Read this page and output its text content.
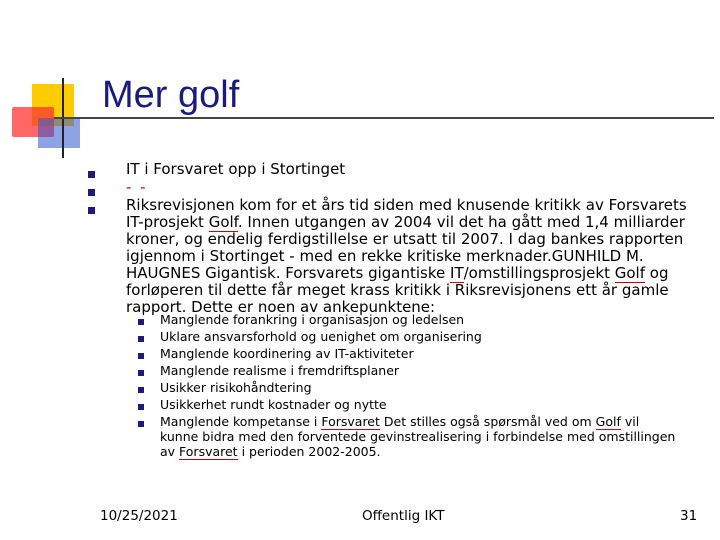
Mer golf
IT i Forsvaret opp i Stortinget
- -
Riksrevisjonen kom for et års tid siden med knusende kritikk av Forsvarets IT-prosjekt Golf. Innen utgangen av 2004 vil det ha gått med 1,4 milliarder kroner, og endelig ferdigstillelse er utsatt til 2007. I dag bankes rapporten igjennom i Stortinget - med en rekke kritiske merknader.GUNHILD M. HAUGNES Gigantisk. Forsvarets gigantiske IT/omstillingsprosjekt Golf og forløperen til dette får meget krass kritikk i Riksrevisjonens ett år gamle rapport. Dette er noen av ankepunktene:
Manglende forankring i organisasjon og ledelsen
Uklare ansvarsforhold og uenighet om organisering
Manglende koordinering av IT-aktiviteter
Manglende realisme i fremdriftsplaner
Usikker risikohåndtering
Usikkerhet rundt kostnader og nytte
Manglende kompetanse i Forsvaret Det stilles også spørsmål ved om Golf vil kunne bidra med den forventede gevinstrealisering i forbindelse med omstillingen av Forsvaret i perioden 2002-2005.
10/25/2021	Offentlig IKT	31
